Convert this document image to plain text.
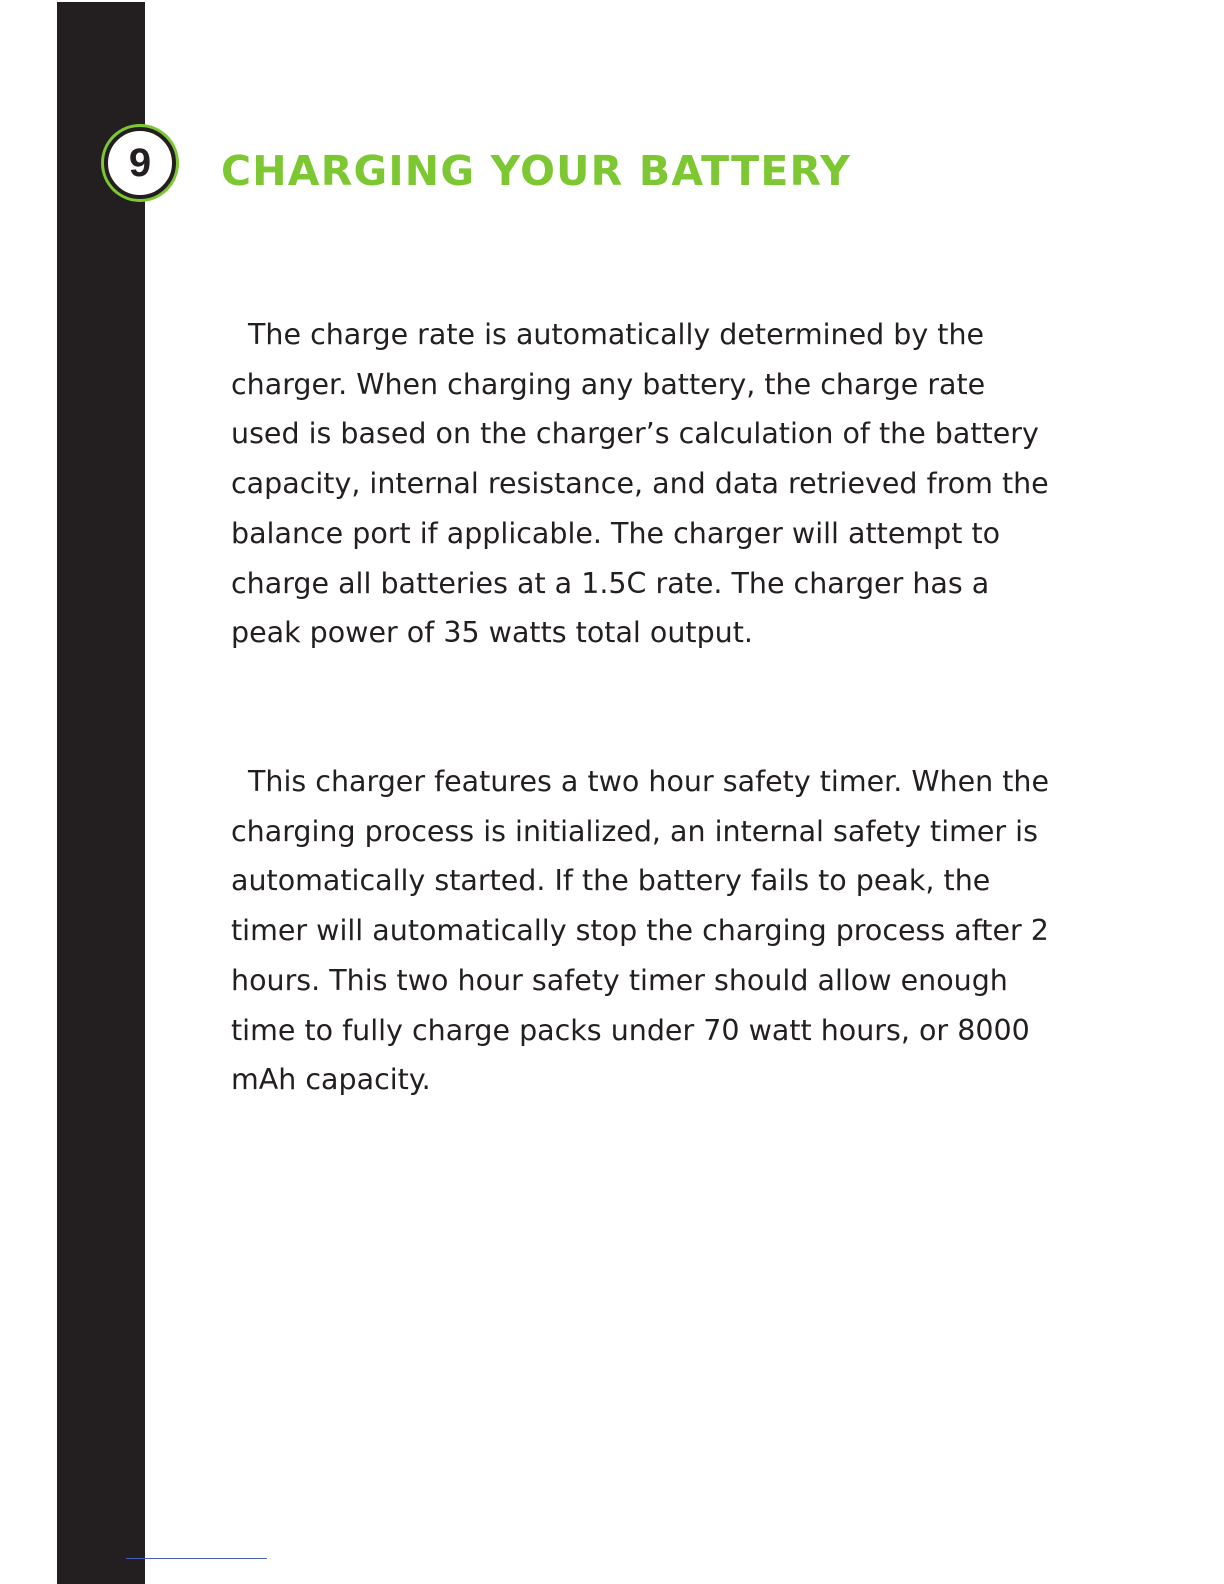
9	CHARGING YOUR BATTERY

The charge rate is automatically determined by the charger. When charging any battery, the charge rate used is based on the charger’s calculation of the battery capacity, internal resistance, and data retrieved from the balance port if applicable. The charger will attempt to charge all batteries at a 1.5C rate. The charger has a peak power of 35 watts total output.

This charger features a two hour safety timer. When the charging process is initialized, an internal safety timer is automatically started. If the battery fails to peak, the timer will automatically stop the charging process after 2 hours. This two hour safety timer should allow enough time to fully charge packs under 70 watt hours, or 8000 mAh capacity.
